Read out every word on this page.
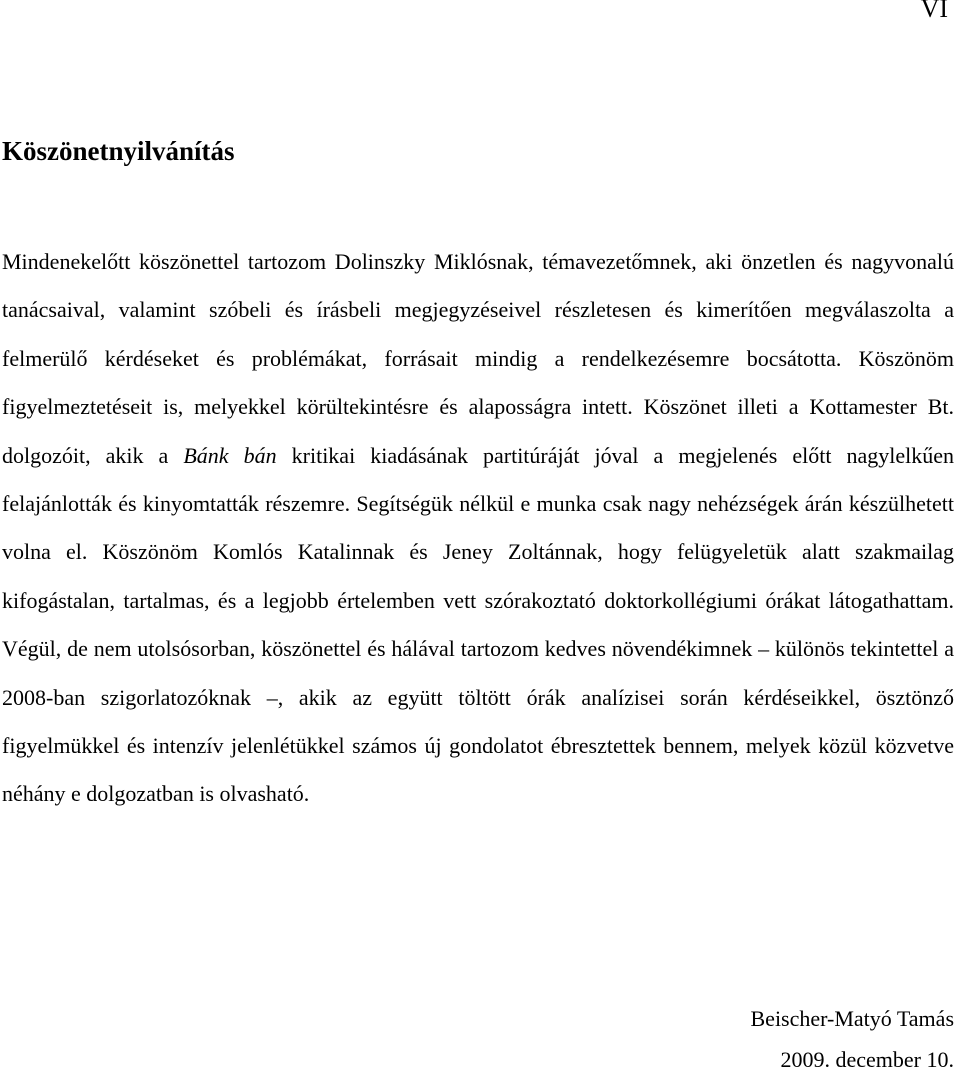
VI
Köszönetnyilvánítás

Mindenekelőtt köszönettel tartozom Dolinszky Miklósnak, témavezetőmnek, aki önzetlen és nagyvonalú tanácsaival, valamint szóbeli és írásbeli megjegyzéseivel részletesen és kimerítően megválaszolta a felmerülő kérdéseket és problémákat, forrásait mindig a rendelkezésemre bocsátotta. Köszönöm figyelmeztetéseit is, melyekkel körültekintésre és alaposságra intett. Köszönet illeti a Kottamester Bt. dolgozóit, akik a Bánk bán kritikai kiadásának partitúráját jóval a megjelenés előtt nagylelkűen felajánlották és kinyomtatták részemre. Segítségük nélkül e munka csak nagy nehézségek árán készülhetett volna el. Köszönöm Komlós Katalinnak és Jeney Zoltánnak, hogy felügyeletük alatt szakmailag kifogástalan, tartalmas, és a legjobb értelemben vett szórakoztató doktorkollégiumi órákat látogathattam. Végül, de nem utolsósorban, köszönettel és hálával tartozom kedves növendékimnek – különös tekintettel a 2008-ban szigorlatozóknak –, akik az együtt töltött órák analízisei során kérdéseikkel, ösztönző figyelmükkel és intenzív jelenlétükkel számos új gondolatot ébresztettek bennem, melyek közül közvetve néhány e dolgozatban is olvasható.

Beischer-Matyó Tamás
2009. december 10.
